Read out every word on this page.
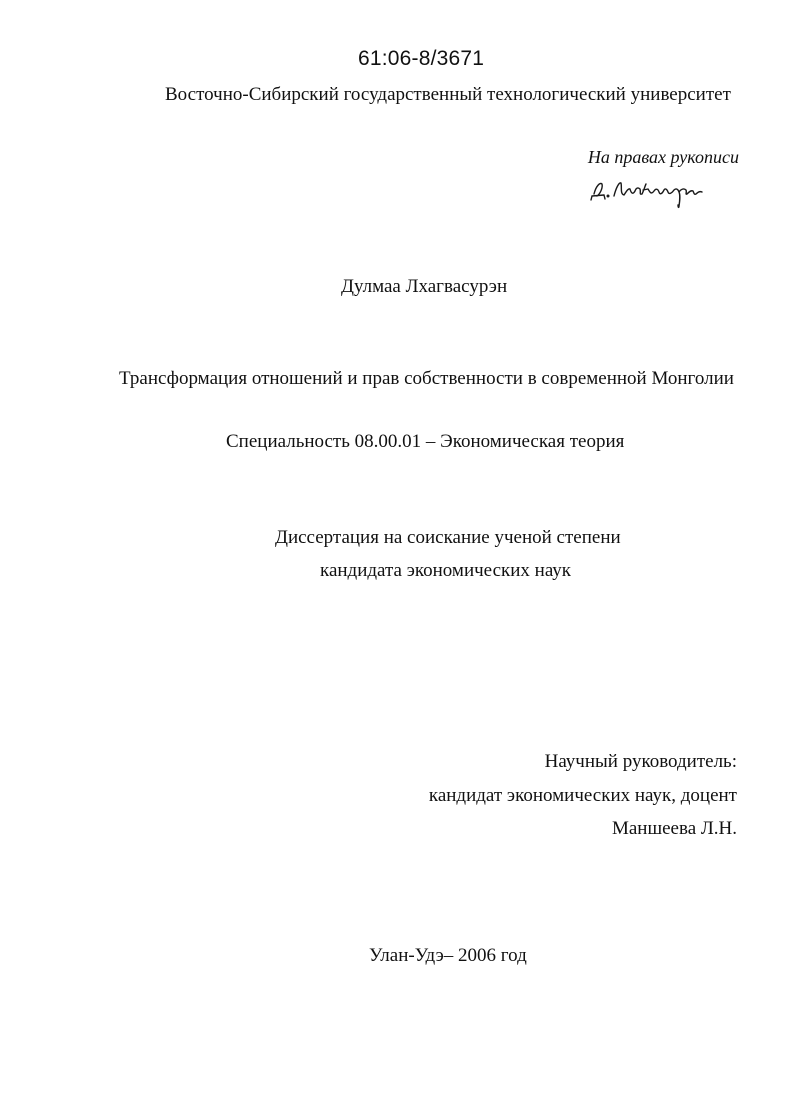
61:06-8/3671
Восточно-Сибирский государственный технологический университет
На правах рукописи
Дулмаа Лхагвасурэн
Трансформация отношений и прав собственности в современной Монголии
Специальность 08.00.01 – Экономическая теория
Диссертация на соискание ученой степени
кандидата экономических наук
Научный руководитель:
кандидат экономических наук, доцент
Маншеева Л.Н.
Улан-Удэ– 2006 год
